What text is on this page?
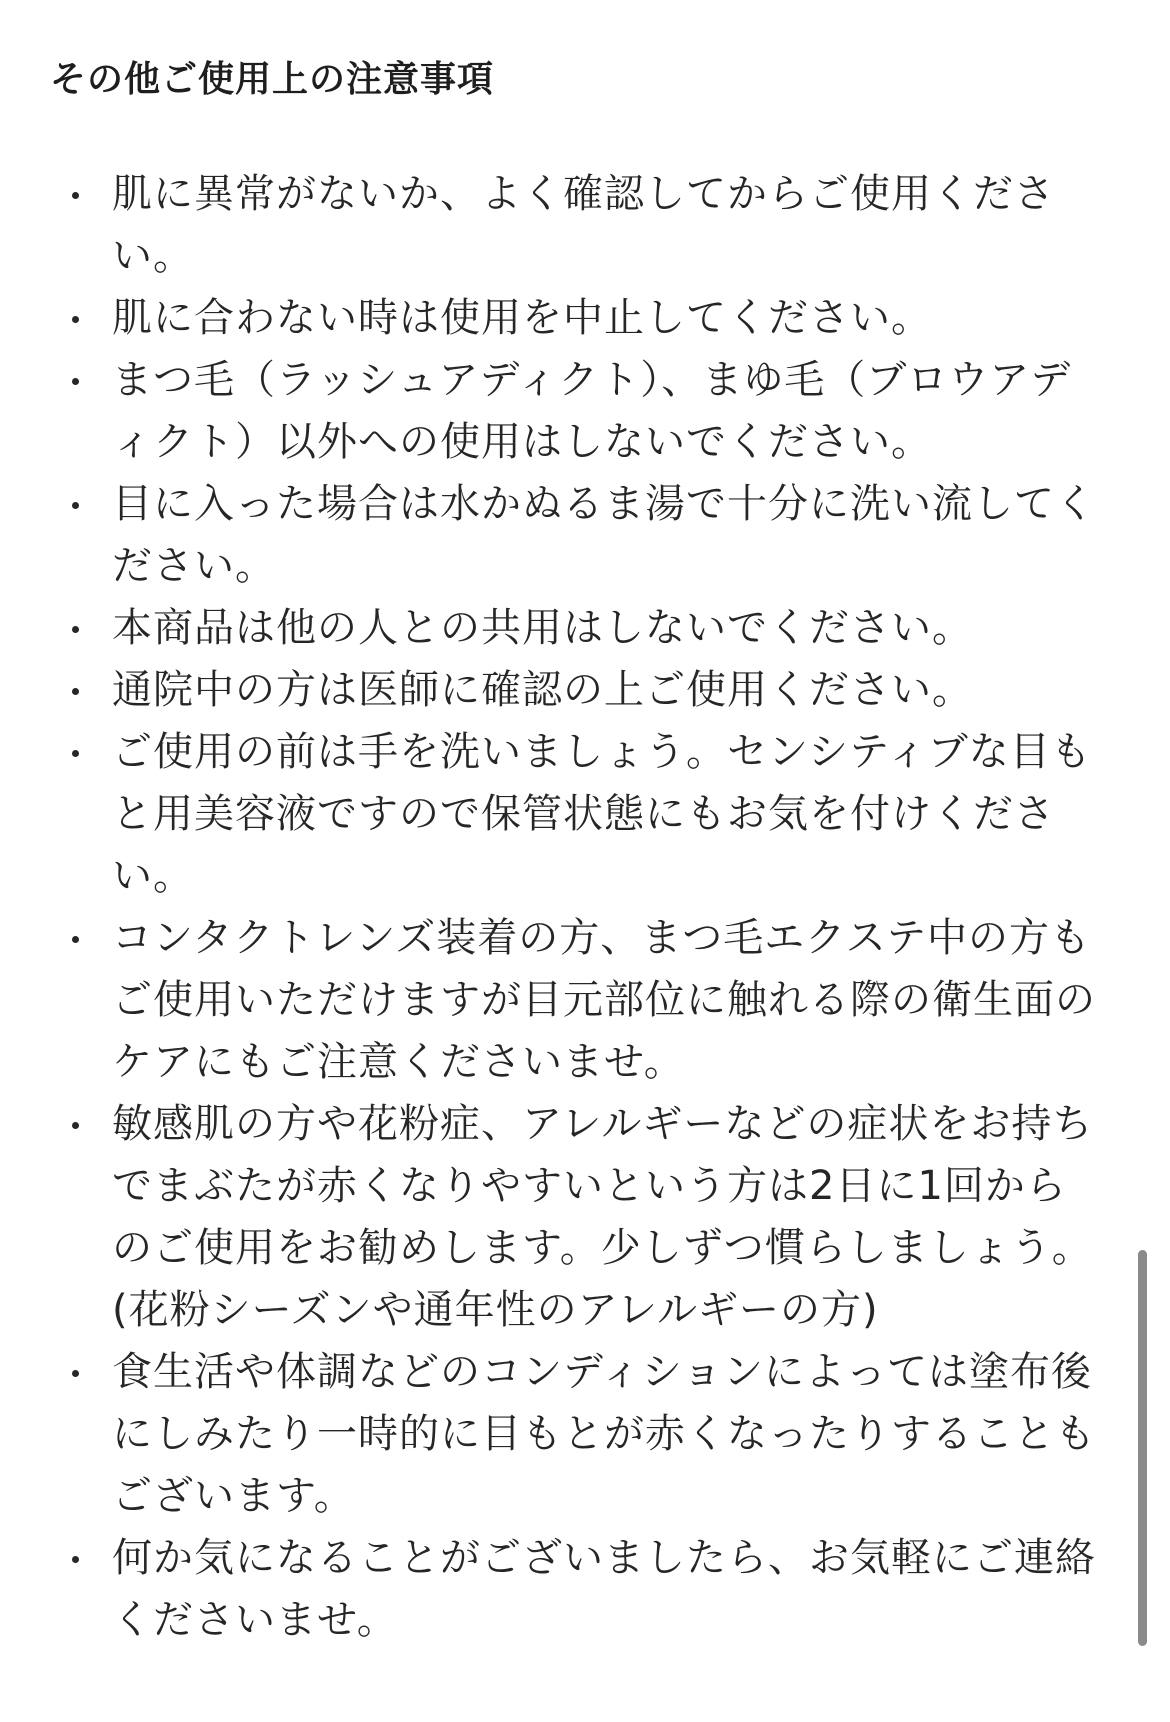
その他ご使用上の注意事項
肌に異常がないか、よく確認してからご使用ください。
肌に合わない時は使用を中止してください。
まつ毛（ラッシュアディクト）、まゆ毛（ブロウアディクト）以外への使用はしないでください。
目に入った場合は水かぬるま湯で十分に洗い流してください。
本商品は他の人との共用はしないでください。
通院中の方は医師に確認の上ご使用ください。
ご使用の前は手を洗いましょう。センシティブな目もと用美容液ですので保管状態にもお気を付けください。
コンタクトレンズ装着の方、まつ毛エクステ中の方もご使用いただけますが目元部位に触れる際の衛生面のケアにもご注意くださいませ。
敏感肌の方や花粉症、アレルギーなどの症状をお持ちでまぶたが赤くなりやすいという方は2日に1回からのご使用をお勧めします。少しずつ慣らしましょう。(花粉シーズンや通年性のアレルギーの方)
食生活や体調などのコンディションによっては塗布後にしみたり一時的に目もとが赤くなったりすることもございます。
何か気になることがございましたら、お気軽にご連絡くださいませ。
